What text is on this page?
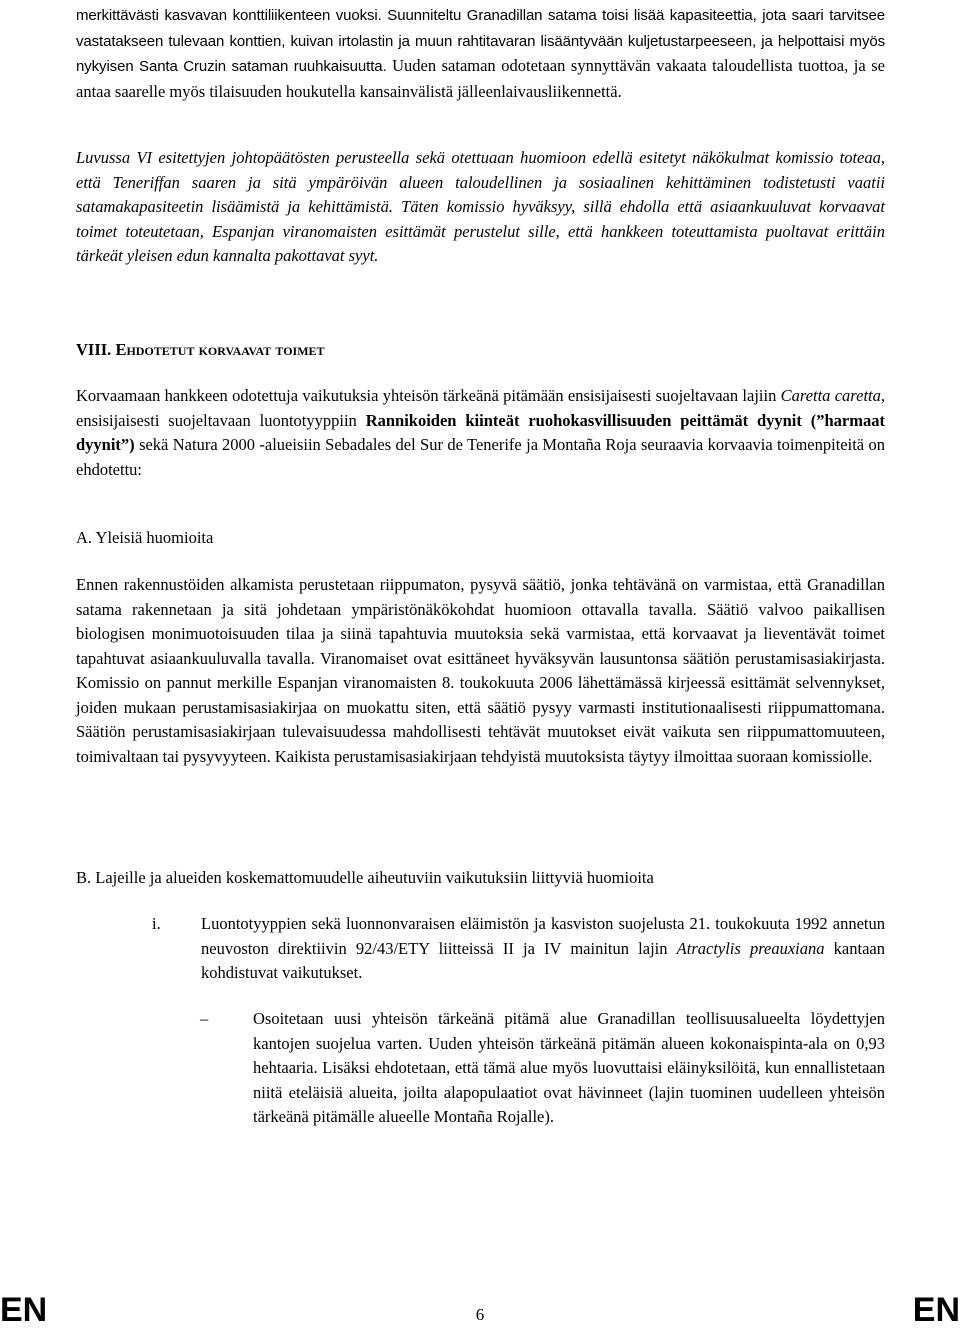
merkittävästi kasvavan konttiliikenteen vuoksi. Suunniteltu Granadillan satama toisi lisää kapasiteettia, jota saari tarvitsee vastatakseen tulevaan konttien, kuivan irtolastin ja muun rahtitavaran lisääntyvään kuljetustarpeeseen, ja helpottaisi myös nykyisen Santa Cruzin sataman ruuhkaisuutta. Uuden sataman odotetaan synnyttävän vakaata taloudellista tuottoa, ja se antaa saarelle myös tilaisuuden houkutella kansainvälistä jälleenlaivausliikennettä.

Luvussa VI esitettyjen johtopäätösten perusteella sekä otettuaan huomioon edellä esitetyt näkökulmat komissio toteaa, että Teneriffan saaren ja sitä ympäröivän alueen taloudellinen ja sosiaalinen kehittäminen todistetusti vaatii satamakapasiteetin lisäämistä ja kehittämistä. Täten komissio hyväksyy, sillä ehdolla että asiaankuuluvat korvaavat toimet toteutetaan, Espanjan viranomaisten esittämät perustelut sille, että hankkeen toteuttamista puoltavat erittäin tärkeät yleisen edun kannalta pakottavat syyt.

VIII. Ehdotetut korvaavat toimet

Korvaamaan hankkeen odotettuja vaikutuksia yhteisön tärkeänä pitämään ensisijaisesti suojeltavaan lajiin Caretta caretta, ensisijaisesti suojeltavaan luontotyyppiin Rannikoiden kiinteät ruohokasvillisuuden peittämät dyynit (”harmaat dyynit”) sekä Natura 2000 -alueisiin Sebadales del Sur de Tenerife ja Montaña Roja seuraavia korvaavia toimenpiteitä on ehdotettu:

A. Yleisiä huomioita

Ennen rakennustöiden alkamista perustetaan riippumaton, pysyvä säätiö, jonka tehtävänä on varmistaa, että Granadillan satama rakennetaan ja sitä johdetaan ympäristönäkökohdat huomioon ottavalla tavalla. Säätiö valvoo paikallisen biologisen monimuotoisuuden tilaa ja siinä tapahtuvia muutoksia sekä varmistaa, että korvaavat ja lieventävät toimet tapahtuvat asiaankuuluvalla tavalla. Viranomaiset ovat esittäneet hyväksyvän lausuntonsa säätiön perustamisasiakirjasta. Komissio on pannut merkille Espanjan viranomaisten 8. toukokuuta 2006 lähettämässä kirjeessä esittämät selvennykset, joiden mukaan perustamisasiakirjaa on muokattu siten, että säätiö pysyy varmasti institutionaalisesti riippumattomana. Säätiön perustamisasiakirjaan tulevaisuudessa mahdollisesti tehtävät muutokset eivät vaikuta sen riippumattomuuteen, toimivaltaan tai pysyvyyteen. Kaikista perustamisasiakirjaan tehdyistä muutoksista täytyy ilmoittaa suoraan komissiolle.

B. Lajeille ja alueiden koskemattomuudelle aiheutuviin vaikutuksiin liittyviä huomioita

i. Luontotyyppien sekä luonnonvaraisen eläimistön ja kasviston suojelusta 21. toukokuuta 1992 annetun neuvoston direktiivin 92/43/ETY liitteissä II ja IV mainitun lajin Atractylis preauxiana kantaan kohdistuvat vaikutukset.

–	Osoitetaan uusi yhteisön tärkeänä pitämä alue Granadillan teollisuusalueelta löydettyjen kantojen suojelua varten. Uuden yhteisön tärkeänä pitämän alueen kokonaispinta-ala on 0,93 hehtaaria. Lisäksi ehdotetaan, että tämä alue myös luovuttaisi eläinyksilöitä, kun ennallistetaan niitä eteläisiä alueita, joilta alapopulaatiot ovat hävinneet (lajin tuominen uudelleen yhteisön tärkeänä pitämälle alueelle Montaña Rojalle).

EN	6	EN
